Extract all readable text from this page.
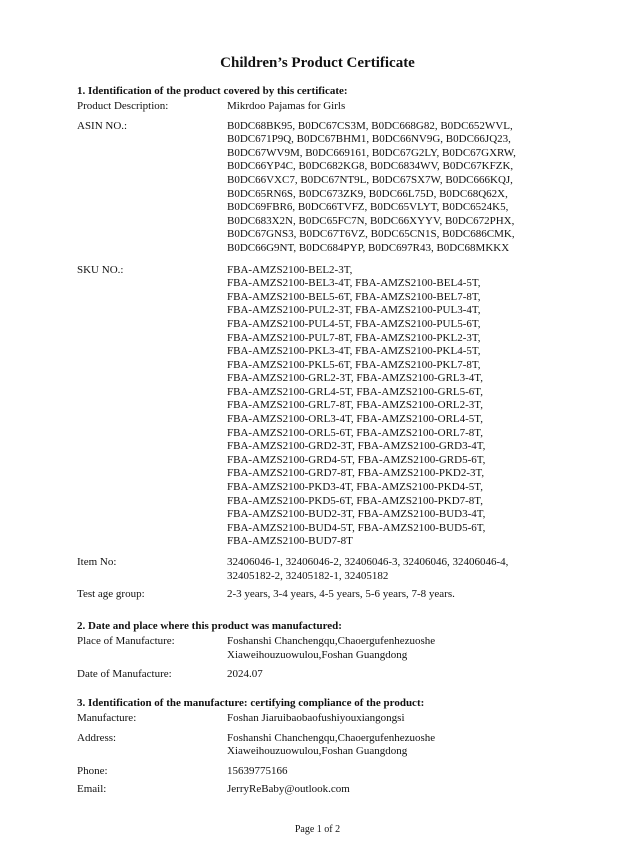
Children’s Product Certificate
1. Identification of the product covered by this certificate:
Product Description:	Mikrdoo Pajamas for Girls
ASIN NO.:	B0DC68BK95, B0DC67CS3M, B0DC668G82, B0DC652WVL,
B0DC671P9Q, B0DC67BHM1, B0DC66NV9G, B0DC66JQ23,
B0DC67WV9M, B0DC669161, B0DC67G2LY, B0DC67GXRW,
B0DC66YP4C, B0DC682KG8, B0DC6834WV, B0DC67KFZK,
B0DC66VXC7, B0DC67NT9L, B0DC67SX7W, B0DC666KQJ,
B0DC65RN6S, B0DC673ZK9, B0DC66L75D, B0DC68Q62X,
B0DC69FBR6, B0DC66TVFZ, B0DC65VLYT, B0DC6524K5,
B0DC683X2N, B0DC65FC7N, B0DC66XYYV, B0DC672PHX,
B0DC67GNS3, B0DC67T6VZ, B0DC65CN1S, B0DC686CMK,
B0DC66G9NT, B0DC684PYP, B0DC697R43, B0DC68MKKX
SKU NO.:	FBA-AMZS2100-BEL2-3T,
FBA-AMZS2100-BEL3-4T, FBA-AMZS2100-BEL4-5T,
FBA-AMZS2100-BEL5-6T, FBA-AMZS2100-BEL7-8T,
FBA-AMZS2100-PUL2-3T, FBA-AMZS2100-PUL3-4T,
FBA-AMZS2100-PUL4-5T, FBA-AMZS2100-PUL5-6T,
FBA-AMZS2100-PUL7-8T, FBA-AMZS2100-PKL2-3T,
FBA-AMZS2100-PKL3-4T, FBA-AMZS2100-PKL4-5T,
FBA-AMZS2100-PKL5-6T, FBA-AMZS2100-PKL7-8T,
FBA-AMZS2100-GRL2-3T, FBA-AMZS2100-GRL3-4T,
FBA-AMZS2100-GRL4-5T, FBA-AMZS2100-GRL5-6T,
FBA-AMZS2100-GRL7-8T, FBA-AMZS2100-ORL2-3T,
FBA-AMZS2100-ORL3-4T, FBA-AMZS2100-ORL4-5T,
FBA-AMZS2100-ORL5-6T, FBA-AMZS2100-ORL7-8T,
FBA-AMZS2100-GRD2-3T, FBA-AMZS2100-GRD3-4T,
FBA-AMZS2100-GRD4-5T, FBA-AMZS2100-GRD5-6T,
FBA-AMZS2100-GRD7-8T, FBA-AMZS2100-PKD2-3T,
FBA-AMZS2100-PKD3-4T, FBA-AMZS2100-PKD4-5T,
FBA-AMZS2100-PKD5-6T, FBA-AMZS2100-PKD7-8T,
FBA-AMZS2100-BUD2-3T, FBA-AMZS2100-BUD3-4T,
FBA-AMZS2100-BUD4-5T, FBA-AMZS2100-BUD5-6T,
FBA-AMZS2100-BUD7-8T
Item No:	32406046-1, 32406046-2, 32406046-3, 32406046, 32406046-4,
32405182-2, 32405182-1, 32405182
Test age group:	2-3 years, 3-4 years, 4-5 years, 5-6 years, 7-8 years.
2. Date and place where this product was manufactured:
Place of Manufacture:	Foshanshi Chanchengqu,Chaoergufenhezuoshe
Xiaweihouzuowulou,Foshan Guangdong
Date of Manufacture:	2024.07
3. Identification of the manufacture: certifying compliance of the product:
Manufacture:	Foshan Jiaruibaobaofushiyouxiangongsi
Address:	Foshanshi Chanchengqu,Chaoergufenhezuoshe
Xiaweihouzuowulou,Foshan Guangdong
Phone:	15639775166
Email:	JerryReBaby@outlook.com
Page 1 of 2
